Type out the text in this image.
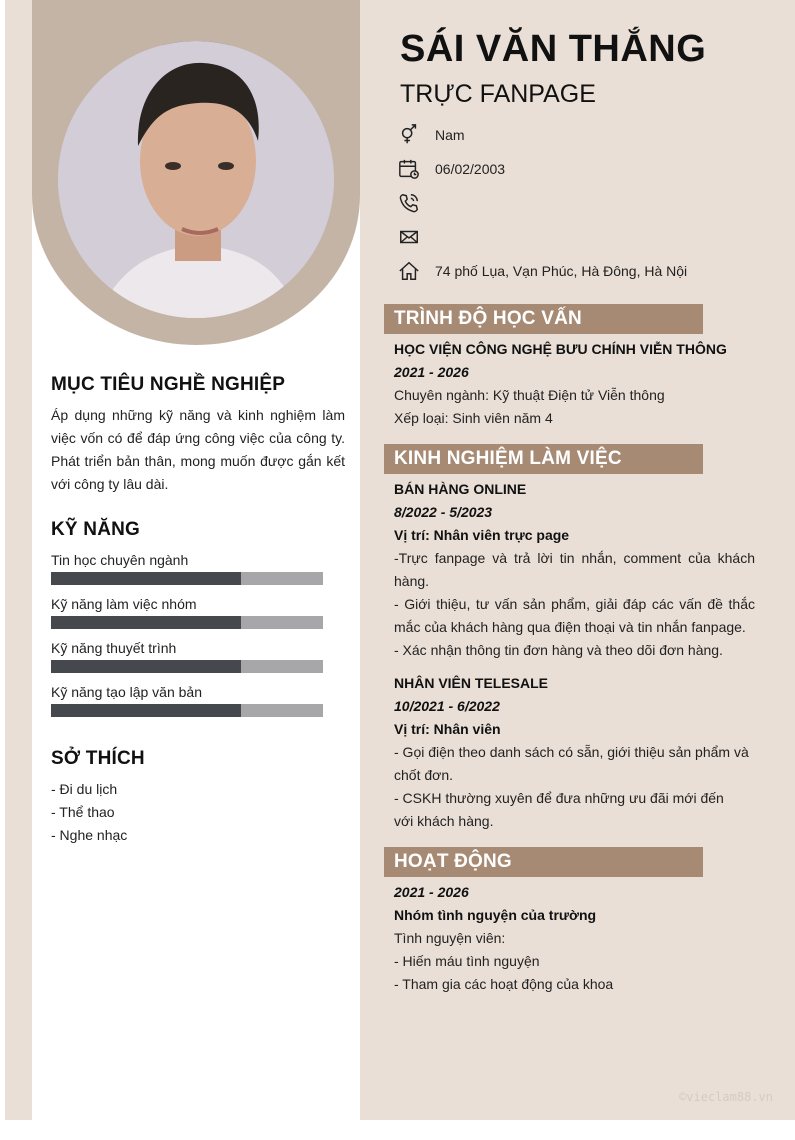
MỤC TIÊU NGHỀ NGHIỆP
Áp dụng những kỹ năng và kinh nghiệm làm việc vốn có để đáp ứng công việc của công ty. Phát triển bản thân, mong muốn được gắn kết với công ty lâu dài.
KỸ NĂNG
Tin học chuyên ngành
Kỹ năng làm việc nhóm
Kỹ năng thuyết trình
Kỹ năng tạo lập văn bản
SỞ THÍCH
- Đi du lịch
- Thể thao
- Nghe nhạc
SÁI VĂN THẮNG
TRỰC FANPAGE
Nam
06/02/2003
74 phố Lụa, Vạn Phúc, Hà Đông, Hà Nội
TRÌNH ĐỘ HỌC VẤN
HỌC VIỆN CÔNG NGHỆ BƯU CHÍNH VIỄN THÔNG
2021 - 2026
Chuyên ngành: Kỹ thuật Điện tử Viễn thông
Xếp loại: Sinh viên năm 4
KINH NGHIỆM LÀM VIỆC
BÁN HÀNG ONLINE
8/2022 - 5/2023
Vị trí: Nhân viên trực page
-Trực fanpage và trả lời tin nhắn, comment của khách hàng.
- Giới thiệu, tư vấn sản phẩm, giải đáp các vấn đề thắc mắc của khách hàng qua điện thoại và tin nhắn fanpage.
- Xác nhận thông tin đơn hàng và theo dõi đơn hàng.
NHÂN VIÊN TELESALE
10/2021 - 6/2022
Vị trí: Nhân viên
- Gọi điện theo danh sách có sẵn, giới thiệu sản phẩm và chốt đơn.
- CSKH thường xuyên để đưa những ưu đãi mới đến với khách hàng.
HOẠT ĐỘNG
2021 - 2026
Nhóm tình nguyện của trường
Tình nguyện viên:
- Hiến máu tình nguyện
- Tham gia các hoạt động của khoa
©vieclam88.vn
